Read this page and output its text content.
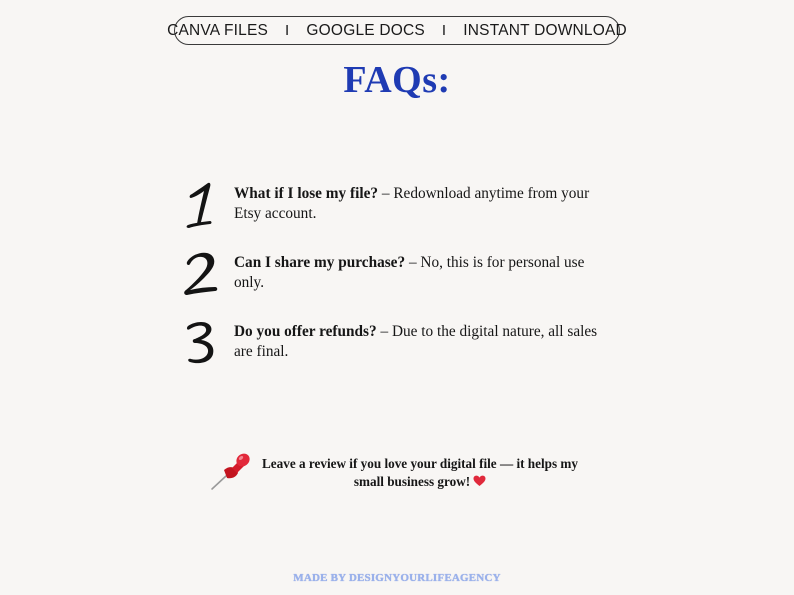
CANVA FILES I GOOGLE DOCS I INSTANT DOWNLOAD
FAQs:
What if I lose my file? – Redownload anytime from your Etsy account.
Can I share my purchase? – No, this is for personal use only.
Do you offer refunds? – Due to the digital nature, all sales are final.
Leave a review if you love your digital file — it helps my small business grow!
MADE BY DESIGNYOURLIFEAGENCY
